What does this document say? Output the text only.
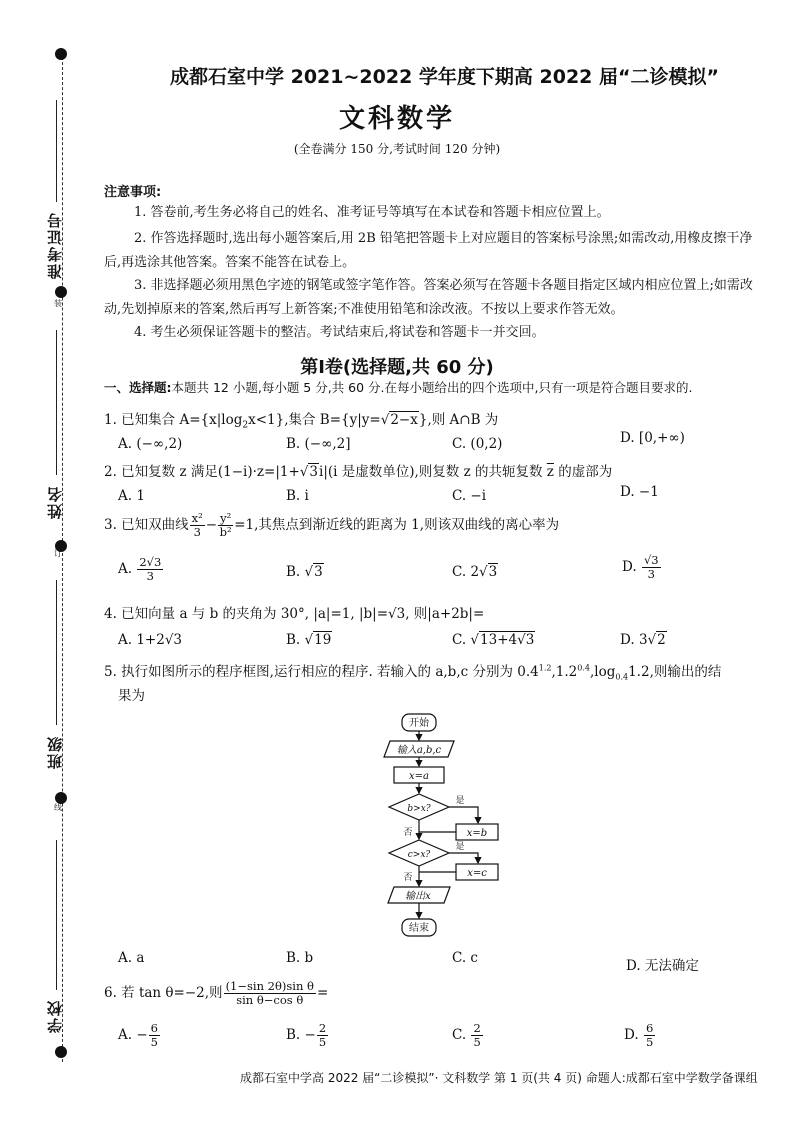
装
订
线
准考证号
姓名
班级
学校
成都石室中学 2021~2022 学年度下期高 2022 届“二诊模拟”
文科数学
(全卷满分 150 分,考试时间 120 分钟)
注意事项:
1. 答卷前,考生务必将自己的姓名、准考证号等填写在本试卷和答题卡相应位置上。
2. 作答选择题时,选出每小题答案后,用 2B 铅笔把答题卡上对应题目的答案标号涂黑;如需改动,用橡皮擦干净后,再选涂其他答案。答案不能答在试卷上。
3. 非选择题必须用黑色字迹的钢笔或签字笔作答。答案必须写在答题卡各题目指定区域内相应位置上;如需改动,先划掉原来的答案,然后再写上新答案;不准使用铅笔和涂改液。不按以上要求作答无效。
4. 考生必须保证答题卡的整洁。考试结束后,将试卷和答题卡一并交回。
第Ⅰ卷(选择题,共 60 分)
一、选择题:本题共 12 小题,每小题 5 分,共 60 分.在每小题给出的四个选项中,只有一项是符合题目要求的.
1. 已知集合 $A=\{x|\log_2x<1\}$,集合 B={y|y=√2−x},则 A∩B 为
A. (−∞,2)	B. (−∞,2]	C. (0,2)	D. [0,+∞)
2. 已知复数 z 满足(1−i)·z=|1+√3i|(i 是虚数单位),则复数 z 的共轭复数 $\overline{z}$ 的虚部为
A. 1	B. i	C. −i	D. −1
3. 已知双曲线 $\frac{\text{x²}}{3} - \frac{\text{y²}}{\text{b²}} =1$,其焦点到渐近线的距离为 1,则该双曲线的离心率为
A. $\frac{2√3}{3}$	B. √3	C. 2√3	D. $\frac{√3}{3}$
4. 已知向量 a 与 b 的夹角为 30°, |a|=1, |b|=√3, 则|a+2b|=
A. 1+2√3	B. √19	C. √13+4√3	D. 3√2
5. 执行如图所示的程序框图,运行相应的程序. 若输入的 a,b,c 分别为 $0.4^{1.2},1.2^{0.4},\log_{0.4}1.2$,则输出的结
果为
开始
输入a,b,c
x=a
b>x?
是
x=b
否
c>x?
是
x=c
否
输出x
结束
A. a	B. b	C. c	D. 无法确定
6. 若 tan θ=−2,则 $\frac{\text{(1−sin 2θ)sin θ}}{\text{sin θ−cos θ}}$ =
A. − $\frac{6}{5}$	B. − $\frac{2}{5}$	C. $\frac{2}{5}$	D. $\frac{6}{5}$
成都石室中学高 2022 届“二诊模拟”· 文科数学 第 1 页(共 4 页) 命题人:成都石室中学数学备课组
